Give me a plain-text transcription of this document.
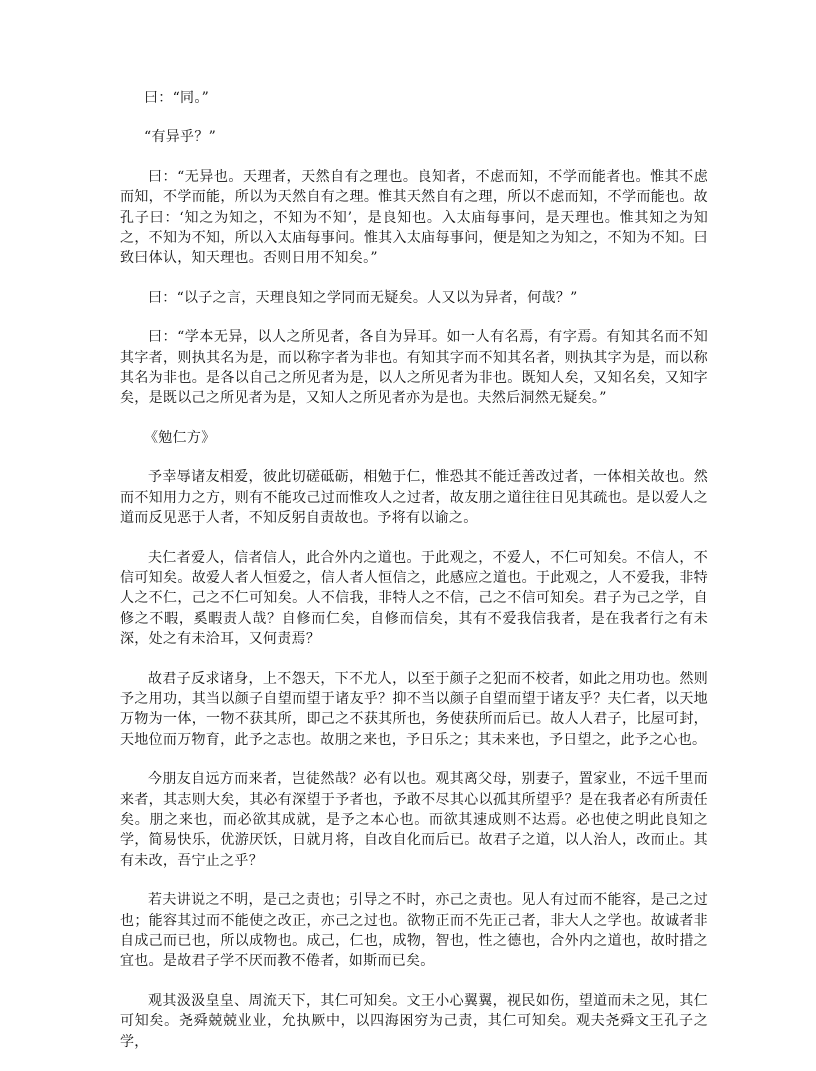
曰：“同。”

“有异乎？”

曰：“无异也。天理者，天然自有之理也。良知者，不虑而知，不学而能者也。惟其不虑而知，不学而能，所以为天然自有之理。惟其天然自有之理，所以不虑而知，不学而能也。故孔子曰：‘知之为知之，不知为不知’，是良知也。入太庙每事问，是天理也。惟其知之为知之，不知为不知，所以入太庙每事问。惟其入太庙每事问，便是知之为知之，不知为不知。曰致曰体认，知天理也。否则日用不知矣。”

曰：“以子之言，天理良知之学同而无疑矣。人又以为异者，何哉？”

曰：“学本无异，以人之所见者，各自为异耳。如一人有名焉，有字焉。有知其名而不知其字者，则执其名为是，而以称字者为非也。有知其字而不知其名者，则执其字为是，而以称其名为非也。是各以自己之所见者为是，以人之所见者为非也。既知人矣，又知名矣，又知字矣，是既以己之所见者为是，又知人之所见者亦为是也。夫然后洞然无疑矣。”

《勉仁方》

予幸辱诸友相爱，彼此切磋砥砺，相勉于仁，惟恐其不能迁善改过者，一体相关故也。然而不知用力之方，则有不能攻己过而惟攻人之过者，故友朋之道往往日见其疏也。是以爱人之道而反见恶于人者，不知反躬自责故也。予将有以谕之。

夫仁者爱人，信者信人，此合外内之道也。于此观之，不爱人，不仁可知矣。不信人，不信可知矣。故爱人者人恒爱之，信人者人恒信之，此感应之道也。于此观之，人不爱我，非特人之不仁，己之不仁可知矣。人不信我，非特人之不信，己之不信可知矣。君子为己之学，自修之不暇，奚暇责人哉？自修而仁矣，自修而信矣，其有不爱我信我者，是在我者行之有未深，处之有未洽耳，又何责焉？

故君子反求诸身，上不怨天，下不尤人，以至于颜子之犯而不校者，如此之用功也。然则予之用功，其当以颜子自望而望于诸友乎？抑不当以颜子自望而望于诸友乎？夫仁者，以天地万物为一体，一物不获其所，即己之不获其所也，务使获所而后已。故人人君子，比屋可封，天地位而万物育，此予之志也。故朋之来也，予日乐之；其未来也，予日望之，此予之心也。

今朋友自远方而来者，岂徒然哉？必有以也。观其离父母，别妻子，置家业，不远千里而来者，其志则大矣，其必有深望于予者也，予敢不尽其心以孤其所望乎？是在我者必有所责任矣。朋之来也，而必欲其成就，是予之本心也。而欲其速成则不达焉。必也使之明此良知之学，简易快乐，优游厌饫，日就月将，自改自化而后已。故君子之道，以人治人，改而止。其有未改，吾宁止之乎？

若夫讲说之不明，是己之责也；引导之不时，亦己之责也。见人有过而不能容，是己之过也；能容其过而不能使之改正，亦己之过也。欲物正而不先正己者，非大人之学也。故诚者非自成己而已也，所以成物也。成己，仁也，成物，智也，性之德也，合外内之道也，故时措之宜也。是故君子学不厌而教不倦者，如斯而已矣。

观其汲汲皇皇、周流天下，其仁可知矣。文王小心翼翼，视民如伤，望道而未之见，其仁可知矣。尧舜兢兢业业，允执厥中，以四海困穷为己责，其仁可知矣。观夫尧舜文王孔子之学，
